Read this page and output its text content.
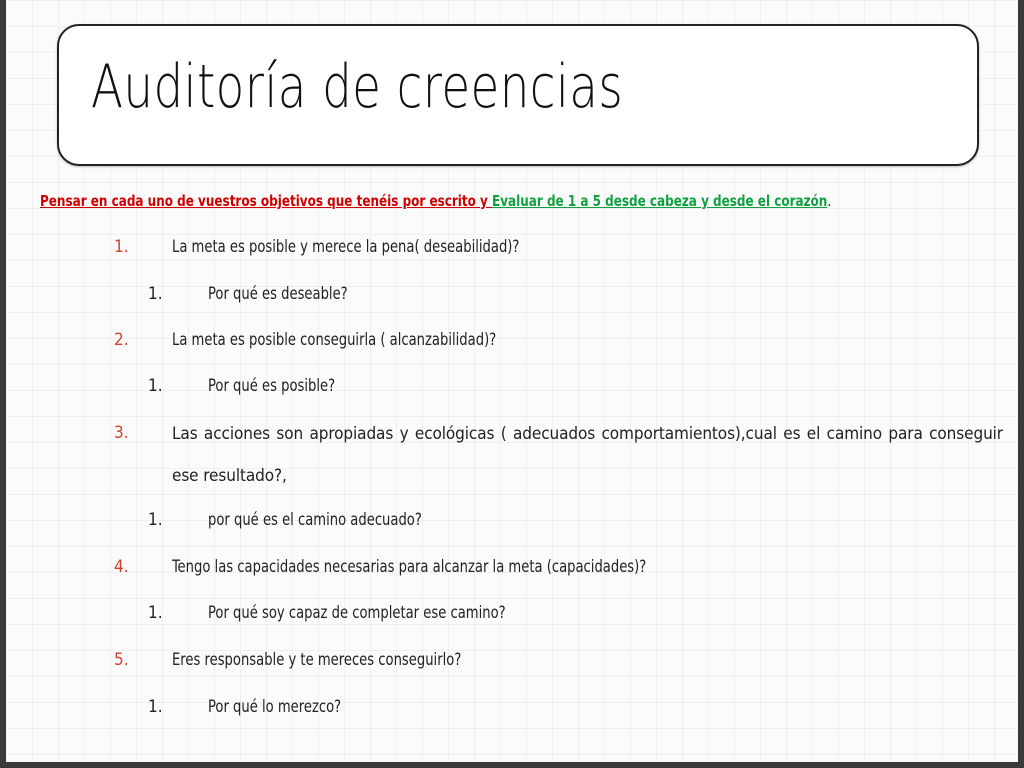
Auditoría de creencias
Pensar en cada uno de vuestros objetivos que tenéis por escrito y Evaluar de 1 a 5 desde cabeza y desde el corazón.
1.	La meta es posible y merece la pena( deseabilidad)?
1.	Por qué es deseable?
2.	La meta es posible conseguirla ( alcanzabilidad)?
1.	Por qué es posible?
3.	Las acciones son apropiadas y ecológicas ( adecuados comportamientos),cual es el camino para conseguir ese resultado?,
1.	por qué es el camino adecuado?
4.	Tengo las capacidades necesarias para alcanzar la meta (capacidades)?
1.	Por qué soy capaz de completar ese camino?
5.	Eres responsable y te mereces conseguirlo?
1.	Por qué lo merezco?
